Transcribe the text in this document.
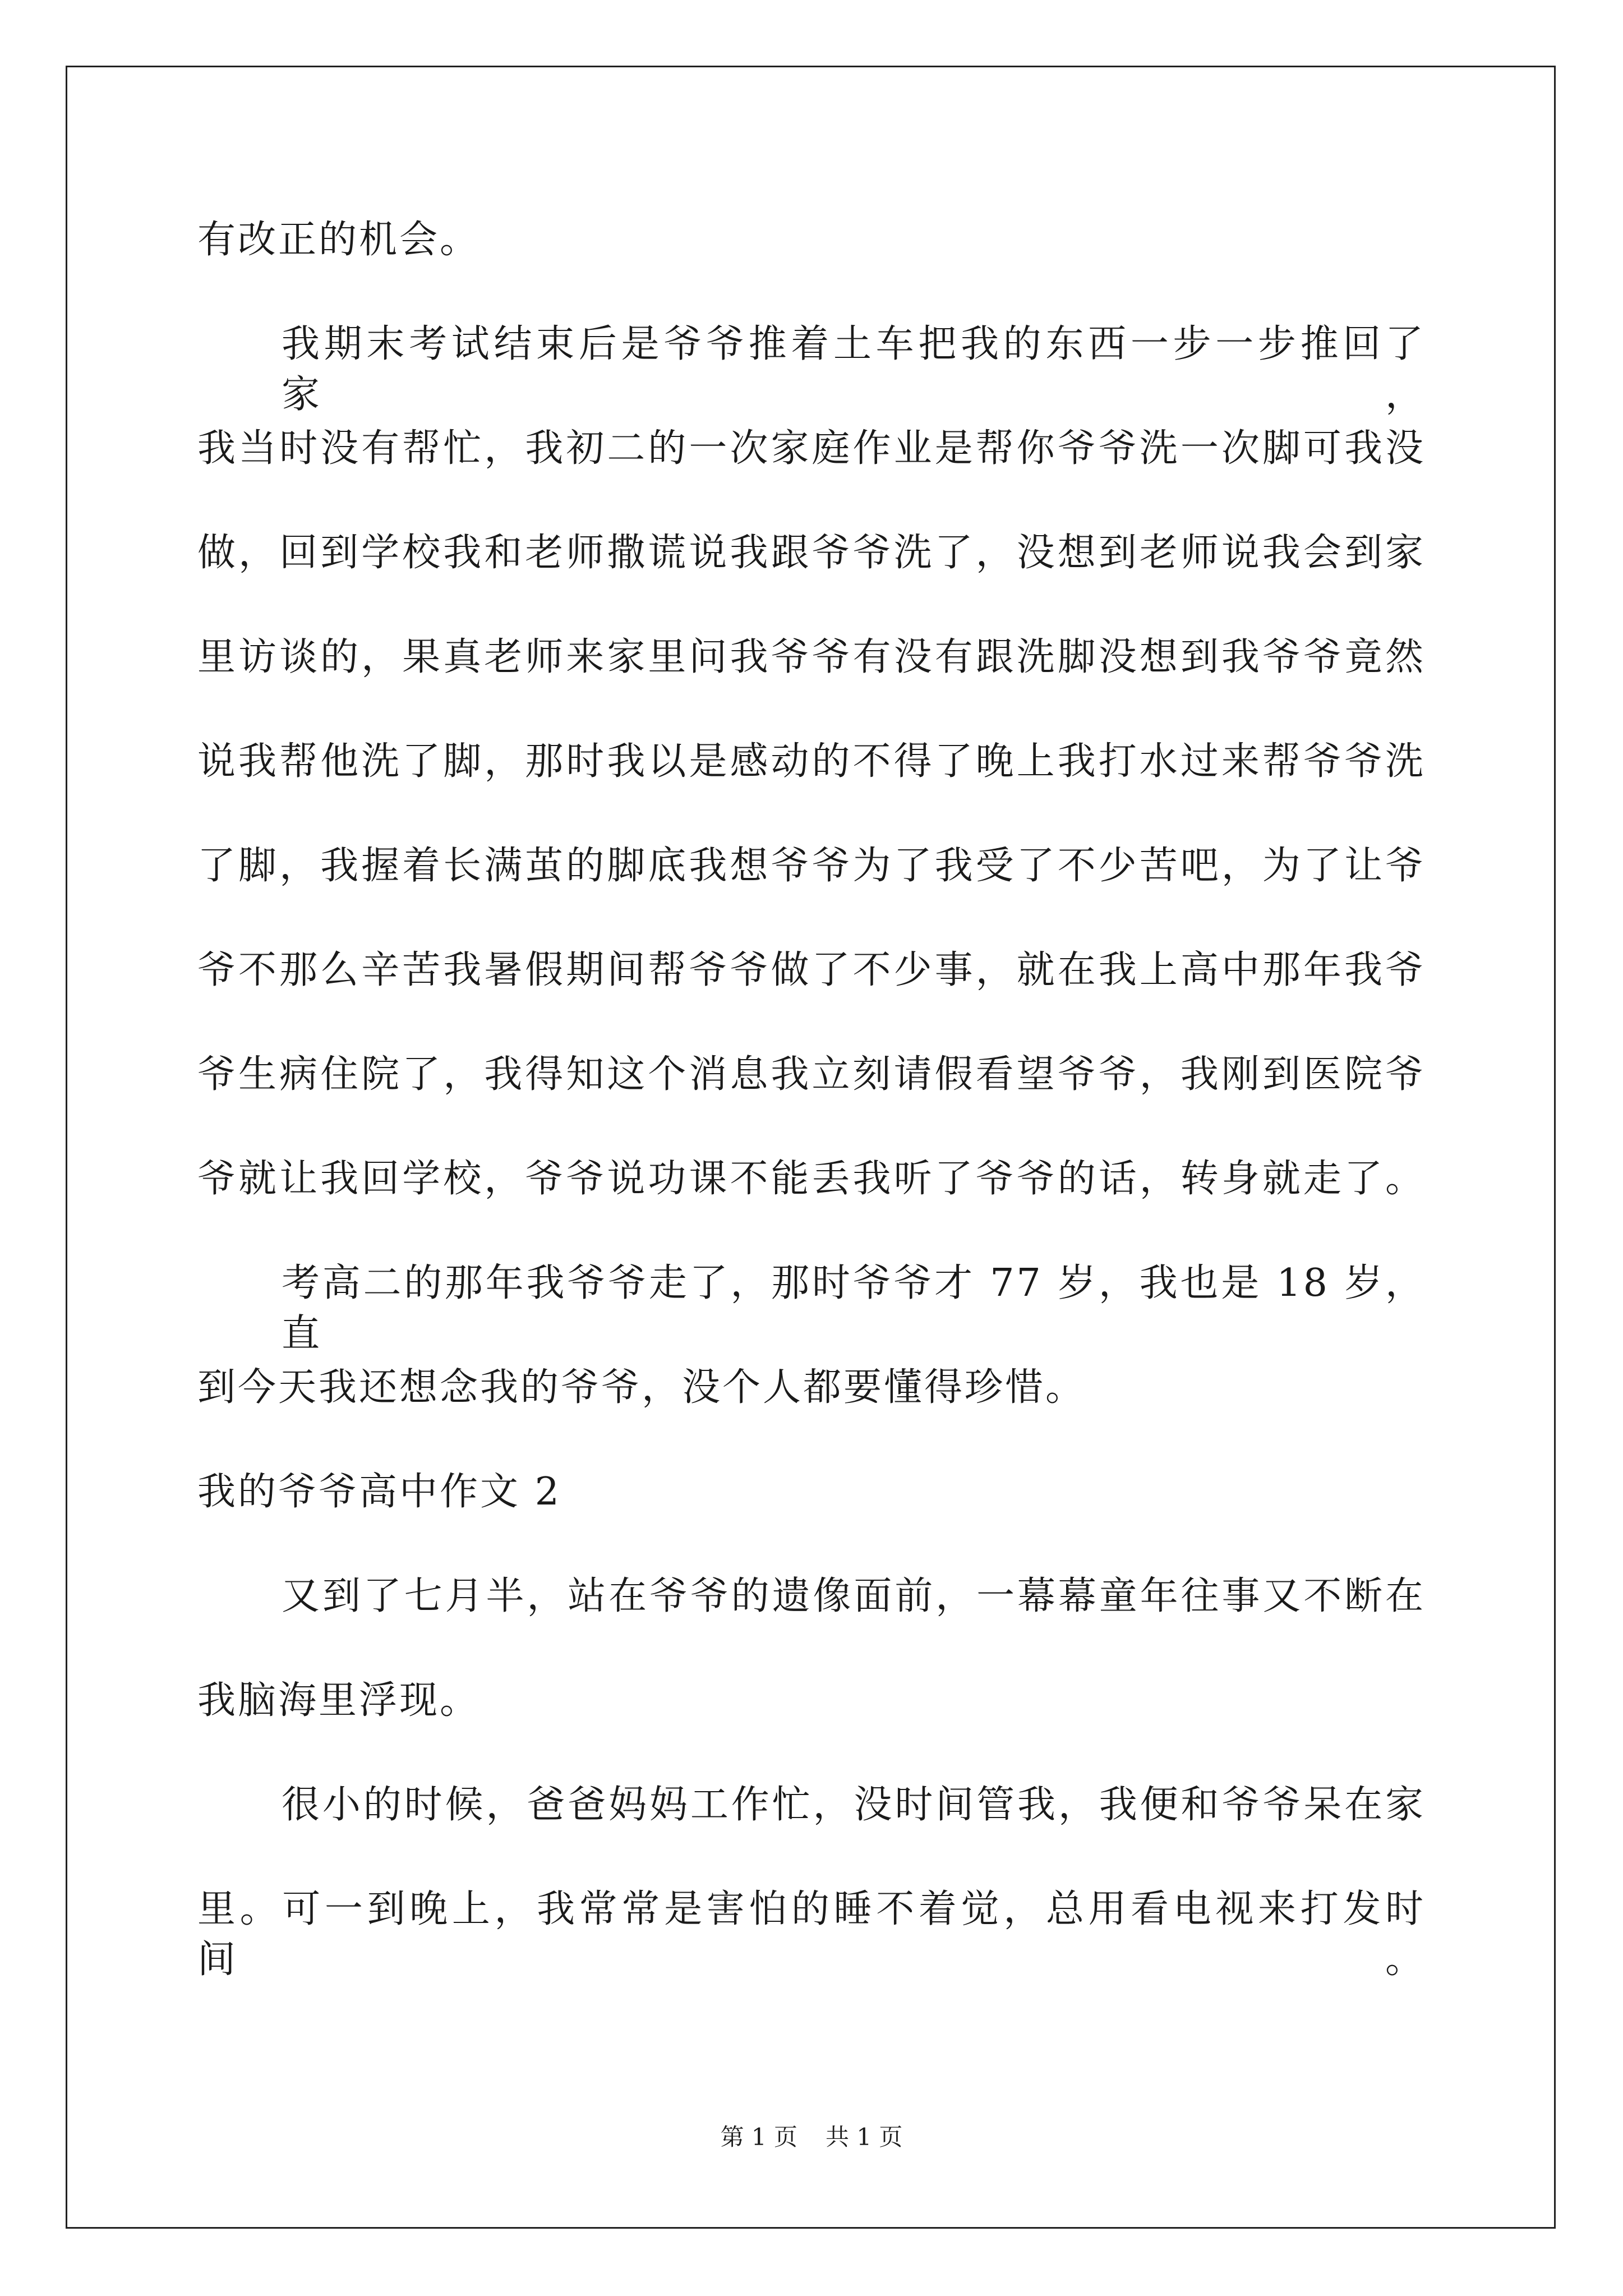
有改正的机会。
我期末考试结束后是爷爷推着土车把我的东西一步一步推回了家，
我当时没有帮忙，我初二的一次家庭作业是帮你爷爷洗一次脚可我没
做，回到学校我和老师撒谎说我跟爷爷洗了，没想到老师说我会到家
里访谈的，果真老师来家里问我爷爷有没有跟洗脚没想到我爷爷竟然
说我帮他洗了脚，那时我以是感动的不得了晚上我打水过来帮爷爷洗
了脚，我握着长满茧的脚底我想爷爷为了我受了不少苦吧，为了让爷
爷不那么辛苦我暑假期间帮爷爷做了不少事，就在我上高中那年我爷
爷生病住院了，我得知这个消息我立刻请假看望爷爷，我刚到医院爷
爷就让我回学校，爷爷说功课不能丢我听了爷爷的话，转身就走了。
考高二的那年我爷爷走了，那时爷爷才 77 岁，我也是 18 岁，直
到今天我还想念我的爷爷，没个人都要懂得珍惜。
我的爷爷高中作文 2
又到了七月半，站在爷爷的遗像面前，一幕幕童年往事又不断在
我脑海里浮现。
很小的时候，爸爸妈妈工作忙，没时间管我，我便和爷爷呆在家
里。可一到晚上，我常常是害怕的睡不着觉，总用看电视来打发时间。
第 1 页 共 1 页
